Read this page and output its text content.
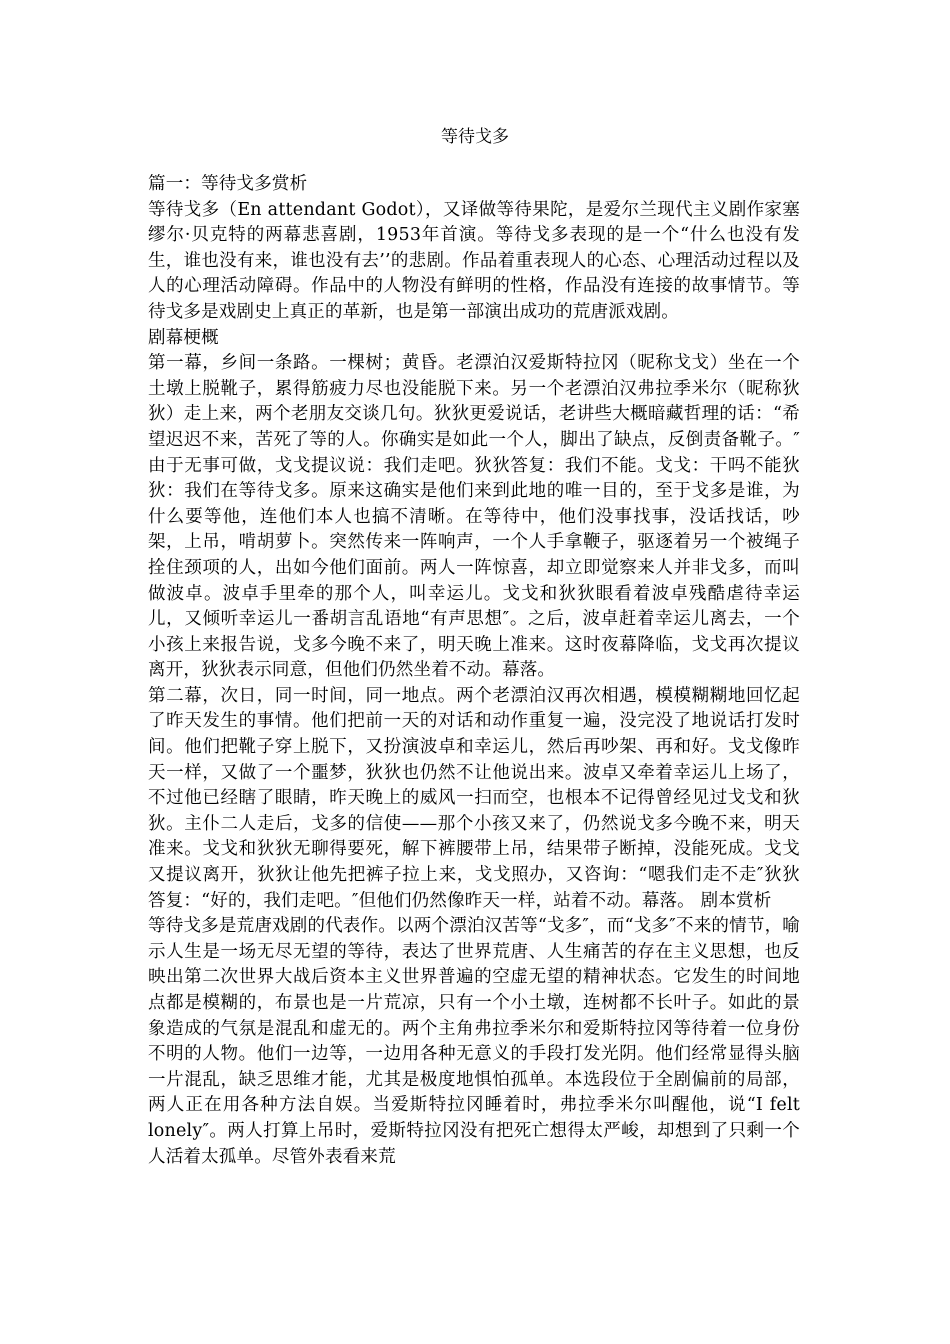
等待戈多

篇一：等待戈多赏析

等待戈多（En attendant Godot），又译做等待果陀，是爱尔兰现代主义剧作家塞缪尔·贝克特的两幕悲喜剧，1953年首演。等待戈多表现的是一个“什么也没有发生，谁也没有来，谁也没有去’’的悲剧。作品着重表现人的心态、心理活动过程以及人的心理活动障碍。作品中的人物没有鲜明的性格，作品没有连接的故事情节。等待戈多是戏剧史上真正的革新，也是第一部演出成功的荒唐派戏剧。

剧幕梗概

第一幕，乡间一条路。一棵树；黄昏。老漂泊汉爱斯特拉冈（昵称戈戈）坐在一个土墩上脱靴子，累得筋疲力尽也没能脱下来。另一个老漂泊汉弗拉季米尔（昵称狄狄）走上来，两个老朋友交谈几句。狄狄更爱说话，老讲些大概暗藏哲理的话：“希望迟迟不来，苦死了等的人。你确实是如此一个人，脚出了缺点，反倒责备靴子。″由于无事可做，戈戈提议说：我们走吧。狄狄答复：我们不能。戈戈：干吗不能狄狄：我们在等待戈多。原来这确实是他们来到此地的唯一目的，至于戈多是谁，为什么要等他，连他们本人也搞不清晰。在等待中，他们没事找事，没话找话，吵架，上吊，啃胡萝卜。突然传来一阵响声，一个人手拿鞭子，驱逐着另一个被绳子拴住颈项的人，出如今他们面前。两人一阵惊喜，却立即觉察来人并非戈多，而叫做波卓。波卓手里牵的那个人，叫幸运儿。戈戈和狄狄眼看着波卓残酷虐待幸运儿，又倾听幸运儿一番胡言乱语地“有声思想″。之后，波卓赶着幸运儿离去，一个小孩上来报告说，戈多今晚不来了，明天晚上准来。这时夜幕降临，戈戈再次提议离开，狄狄表示同意，但他们仍然坐着不动。幕落。

第二幕，次日，同一时间，同一地点。两个老漂泊汉再次相遇，模模糊糊地回忆起了昨天发生的事情。他们把前一天的对话和动作重复一遍，没完没了地说话打发时间。他们把靴子穿上脱下，又扮演波卓和幸运儿，然后再吵架、再和好。戈戈像昨天一样，又做了一个噩梦，狄狄也仍然不让他说出来。波卓又牵着幸运儿上场了，不过他已经瞎了眼睛，昨天晚上的威风一扫而空，也根本不记得曾经见过戈戈和狄狄。主仆二人走后，戈多的信使——那个小孩又来了，仍然说戈多今晚不来，明天准来。戈戈和狄狄无聊得要死，解下裤腰带上吊，结果带子断掉，没能死成。戈戈又提议离开，狄狄让他先把裤子拉上来，戈戈照办，又咨询：“嗯我们走不走″狄狄答复：“好的，我们走吧。″但他们仍然像昨天一样，站着不动。幕落。 剧本赏析

等待戈多是荒唐戏剧的代表作。以两个漂泊汉苦等“戈多″，而“戈多″不来的情节，喻示人生是一场无尽无望的等待，表达了世界荒唐、人生痛苦的存在主义思想，也反映出第二次世界大战后资本主义世界普遍的空虚无望的精神状态。它发生的时间地点都是模糊的，布景也是一片荒凉，只有一个小土墩，连树都不长叶子。如此的景象造成的气氛是混乱和虚无的。两个主角弗拉季米尔和爱斯特拉冈等待着一位身份不明的人物。他们一边等，一边用各种无意义的手段打发光阴。他们经常显得头脑一片混乱，缺乏思维才能，尤其是极度地惧怕孤单。本选段位于全剧偏前的局部，两人正在用各种方法自娱。当爱斯特拉冈睡着时，弗拉季米尔叫醒他，说“I felt lonely″。两人打算上吊时，爱斯特拉冈没有把死亡想得太严峻，却想到了只剩一个人活着太孤单。尽管外表看来荒
